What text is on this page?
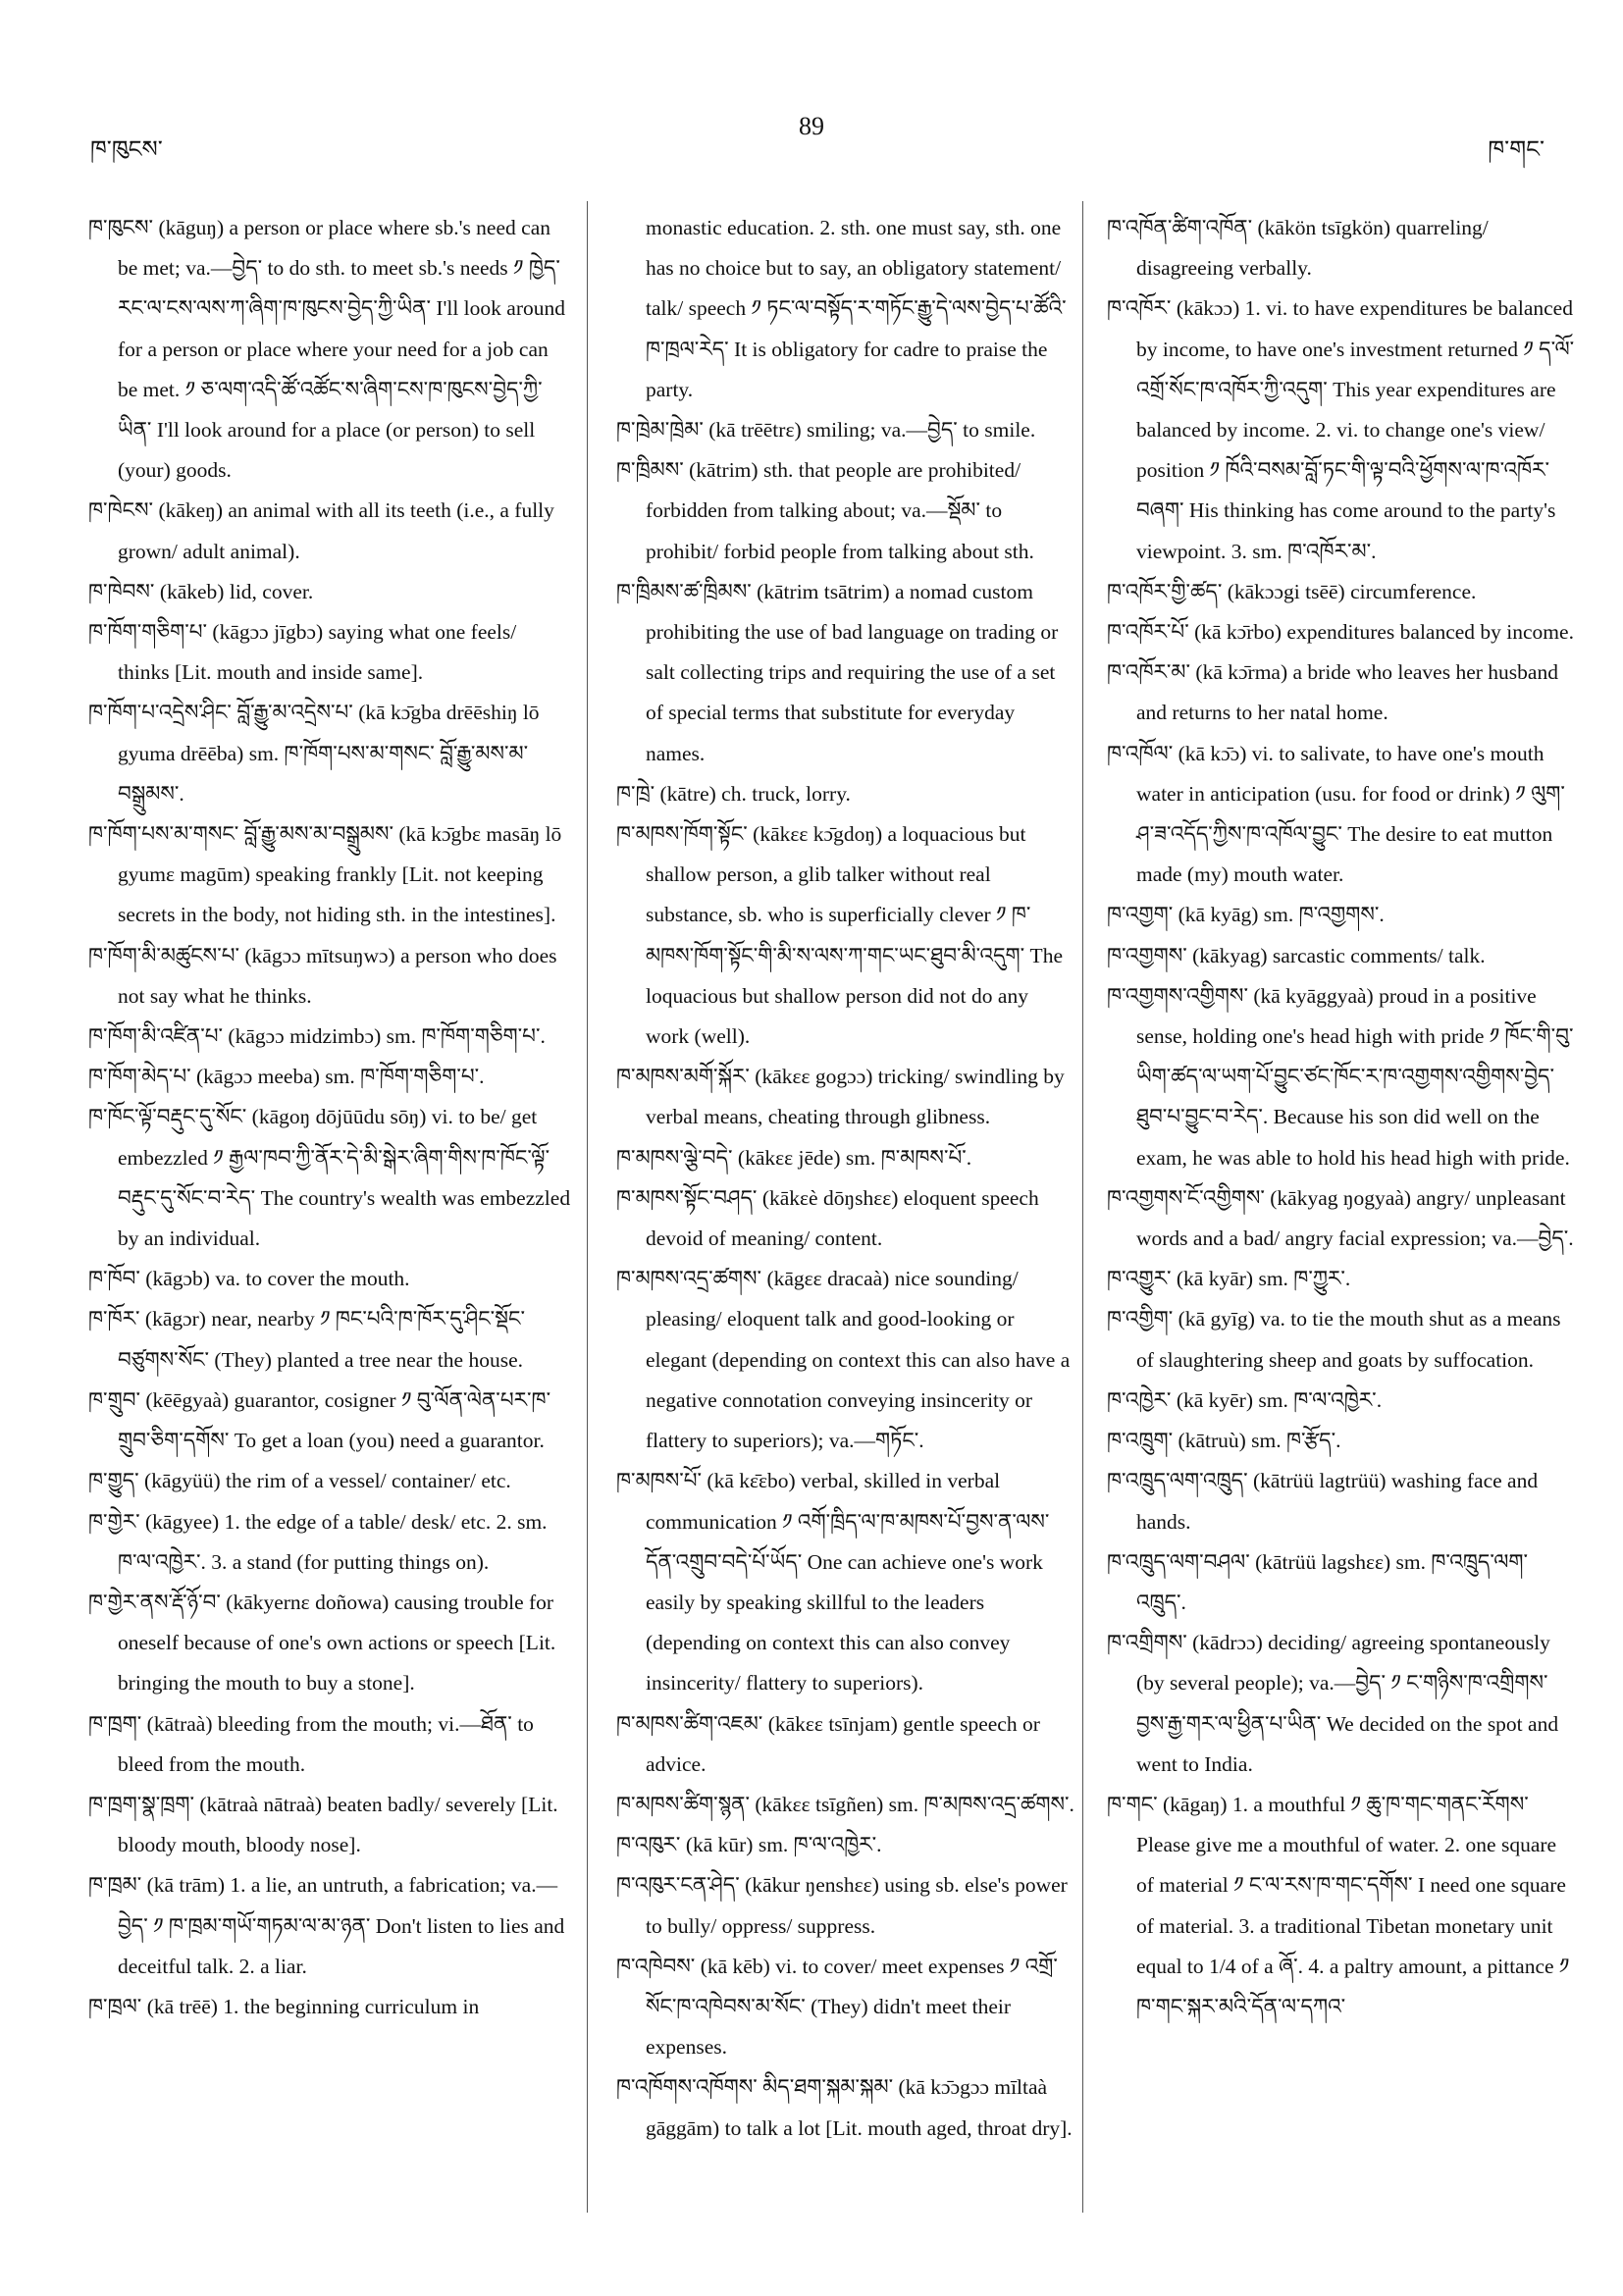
ཁ་ཁུངས་
89
ཁ་གང་

ཁ་ཁུངས་ (kāguŋ) a person or place where sb.'s need can be met; va.—བྱེད་ to do sth. to meet sb.'s needs ༡ ཁྱེད་རང་ལ་ངས་ལས་ཀ་ཞིག་ཁ་ཁུངས་བྱེད་ཀྱི་ཡིན་ I'll look around for a person or place where your need for a job can be met. ༡ ཅ་ལག་འདི་ཚོ་འཚོང་ས་ཞིག་ངས་ཁ་ཁུངས་བྱེད་ཀྱི་ཡིན་ I'll look around for a place (or person) to sell (your) goods.

ཁ་ཁེངས་ (kākeŋ) an animal with all its teeth (i.e., a fully grown/ adult animal).

ཁ་ཁེབས་ (kākeb) lid, cover.

ཁ་ཁོག་གཅིག་པ་ (kāgɔɔ jīgbɔ) saying what one feels/ thinks [Lit. mouth and inside same].

ཁ་ཁོག་པ་འདྲེས་ཤིང་ བློ་རྒྱུ་མ་འདྲེས་པ་ (kā kɔ̄gba drēēshiŋ lō gyuma drēēba) sm. ཁ་ཁོག་པས་མ་གསང་ བློ་རྒྱུ་མས་མ་བསྒྲུམས་.

ཁ་ཁོག་པས་མ་གསང་ བློ་རྒྱུ་མས་མ་བསྒྲུམས་ (kā kɔ̄gbɛ masāŋ lō gyumɛ magūm) speaking frankly [Lit. not keeping secrets in the body, not hiding sth. in the intestines].

ཁ་ཁོག་མི་མཚུངས་པ་ (kāgɔɔ mītsuŋwɔ) a person who does not say what he thinks.

ཁ་ཁོག་མི་འཛིན་པ་ (kāgɔɔ midzimbɔ) sm. ཁ་ཁོག་གཅིག་པ་.

ཁ་ཁོག་མེད་པ་ (kāgɔɔ meeba) sm. ཁ་ཁོག་གཅིག་པ་.

ཁ་ཁོང་ལྟོ་བརྡུང་དུ་སོང་ (kāgoŋ dōjūūdu sōŋ) vi. to be/ get embezzled ༡ རྒྱལ་ཁབ་ཀྱི་ནོར་དེ་མི་སྒེར་ཞིག་གིས་ཁ་ཁོང་ལྟོ་བརྡུང་དུ་སོང་བ་རེད་ The country's wealth was embezzled by an individual.

ཁ་ཁོབ་ (kāgɔb) va. to cover the mouth.

ཁ་ཁོར་ (kāgɔr) near, nearby ༡ ཁང་པའི་ཁ་ཁོར་དུ་ཤིང་སྡོང་བཙུགས་སོང་ (They) planted a tree near the house.

ཁ་གྲུབ་ (kēēgyaà) guarantor, cosigner ༡ བུ་ལོན་ལེན་པར་ཁ་གྲུབ་ཅིག་དགོས་ To get a loan (you) need a guarantor.

ཁ་གྱུད་ (kāgyüü) the rim of a vessel/ container/ etc.

ཁ་གྱེར་ (kāgyee) 1. the edge of a table/ desk/ etc. 2. sm. ཁ་ལ་འཁྱེར་. 3. a stand (for putting things on).

ཁ་གྱེར་ནས་རྡོ་ཉོ་བ་ (kākyernɛ doñowa) causing trouble for oneself because of one's own actions or speech [Lit. bringing the mouth to buy a stone].

ཁ་ཁྲག་ (kātraà) bleeding from the mouth; vi.—ཐོན་ to bleed from the mouth.

ཁ་ཁྲག་སྣ་ཁྲག་ (kātraà nātraà) beaten badly/ severely [Lit. bloody mouth, bloody nose].

ཁ་ཁྲམ་ (kā trām) 1. a lie, an untruth, a fabrication; va.—བྱེད་ ༡ ཁ་ཁྲམ་གཡོ་གཏམ་ལ་མ་ཉན་ Don't listen to lies and deceitful talk. 2. a liar.

ཁ་ཁྲལ་ (kā trēē) 1. the beginning curriculum in

monastic education. 2. sth. one must say, sth. one has no choice but to say, an obligatory statement/ talk/ speech ༡ ཏང་ལ་བསྟོད་ར་གཏོང་རྒྱུ་དེ་ལས་བྱེད་པ་ཚོའི་ཁ་ཁྲལ་རེད་ It is obligatory for cadre to praise the party.

ཁ་ཁྲེམ་ཁྲེམ་ (kā trēētrɛ) smiling; va.—བྱེད་ to smile.

ཁ་ཁྲིམས་ (kātrim) sth. that people are prohibited/ forbidden from talking about; va.—སྡོམ་ to prohibit/ forbid people from talking about sth.

ཁ་ཁྲིམས་ཚ་ཁྲིམས་ (kātrim tsātrim) a nomad custom prohibiting the use of bad language on trading or salt collecting trips and requiring the use of a set of special terms that substitute for everyday names.

ཁ་ཁྲེ་ (kātre) ch. truck, lorry.

ཁ་མཁས་ཁོག་སྟོང་ (kākɛɛ kɔ̄gdoŋ) a loquacious but shallow person, a glib talker without real substance, sb. who is superficially clever ༡ ཁ་མཁས་ཁོག་སྟོང་གི་མི་ས་ལས་ཀ་གང་ཡང་ཐུབ་མི་འདུག་ The loquacious but shallow person did not do any work (well).

ཁ་མཁས་མགོ་སྐོར་ (kākɛɛ gogɔɔ) tricking/ swindling by verbal means, cheating through glibness.

ཁ་མཁས་ལྕེ་བདེ་ (kākɛɛ jēde) sm. ཁ་མཁས་པོ་.

ཁ་མཁས་སྟོང་བཤད་ (kākɛè dōŋshɛɛ) eloquent speech devoid of meaning/ content.

ཁ་མཁས་འདྲ་ཚགས་ (kāgɛɛ dracaà) nice sounding/ pleasing/ eloquent talk and good-looking or elegant (depending on context this can also have a negative connotation conveying insincerity or flattery to superiors); va.—གཏོང་.

ཁ་མཁས་པོ་ (kā kɛ̄ɛbo) verbal, skilled in verbal communication ༡ འགོ་ཁྲིད་ལ་ཁ་མཁས་པོ་བྱས་ན་ལས་དོན་འགྲུབ་བདེ་པོ་ཡོད་ One can achieve one's work easily by speaking skillful to the leaders (depending on context this can also convey insincerity/ flattery to superiors).

ཁ་མཁས་ཚིག་འཇམ་ (kākɛɛ tsīnjam) gentle speech or advice.

ཁ་མཁས་ཚིག་སྙན་ (kākɛɛ tsīgñen) sm. ཁ་མཁས་འདྲ་ཚགས་.

ཁ་འཁུར་ (kā kūr) sm. ཁ་ལ་འཁྱེར་.

ཁ་འཁུར་ངན་ཤེད་ (kākur ŋenshɛɛ) using sb. else's power to bully/ oppress/ suppress.

ཁ་འཁེབས་ (kā kēb) vi. to cover/ meet expenses ༡ འགྲོ་སོང་ཁ་འཁེབས་མ་སོང་ (They) didn't meet their expenses.

ཁ་འཁོགས་འཁོགས་ མིད་ཐག་སྐམ་སྐམ་ (kā kɔ̄ɔgɔɔ mīltaà gāggām) to talk a lot [Lit. mouth aged, throat dry].

ཁ་འཁོན་ཚིག་འཁོན་ (kākön tsīgkön) quarreling/ disagreeing verbally.

ཁ་འཁོར་ (kākɔɔ) 1. vi. to have expenditures be balanced by income, to have one's investment returned ༡ ད་ལོ་འགྲོ་སོང་ཁ་འཁོར་ཀྱི་འདུག་ This year expenditures are balanced by income. 2. vi. to change one's view/ position ༡ ཁོའི་བསམ་བློ་ཏང་གི་ལྟ་བའི་ཕྱོགས་ལ་ཁ་འཁོར་བཞག་ His thinking has come around to the party's viewpoint. 3. sm. ཁ་འཁོར་མ་.

ཁ་འཁོར་གྱི་ཚད་ (kākɔɔgi tsēē) circumference.

ཁ་འཁོར་པོ་ (kā kɔ̄rbo) expenditures balanced by income.

ཁ་འཁོར་མ་ (kā kɔ̄rma) a bride who leaves her husband and returns to her natal home.

ཁ་འཁོལ་ (kā kɔ̄ɔ) vi. to salivate, to have one's mouth water in anticipation (usu. for food or drink) ༡ ལུག་ཤ་ཟ་འདོད་ཀྱིས་ཁ་འཁོལ་བྱུང་ The desire to eat mutton made (my) mouth water.

ཁ་འགྱག་ (kā kyāg) sm. ཁ་འགྱགས་.

ཁ་འགྱགས་ (kākyag) sarcastic comments/ talk.

ཁ་འགྱགས་འགྱིགས་ (kā kyāggyaà) proud in a positive sense, holding one's head high with pride ༡ ཁོང་གི་བུ་ཡིག་ཚད་ལ་ཡག་པོ་བྱུང་ཙང་ཁོང་ར་ཁ་འགྱགས་འགྱིགས་བྱེད་ཐུབ་པ་བྱུང་བ་རེད་. Because his son did well on the exam, he was able to hold his head high with pride.

ཁ་འགྱགས་ངོ་འགྱིགས་ (kākyag ŋogyaà) angry/ unpleasant words and a bad/ angry facial expression; va.—བྱེད་.

ཁ་འགྱུར་ (kā kyār) sm. ཁ་ཀྱུར་.

ཁ་འགྱིག་ (kā gyīg) va. to tie the mouth shut as a means of slaughtering sheep and goats by suffocation.

ཁ་འཁྱེར་ (kā kyēr) sm. ཁ་ལ་འཁྱེར་.

ཁ་འཁྲུག་ (kātruù) sm. ཁ་རྩོད་.

ཁ་འཁྲུད་ལག་འཁྲུད་ (kātrüü lagtrüü) washing face and hands.

ཁ་འཁྲུད་ལག་བཤལ་ (kātrüü lagshɛɛ) sm. ཁ་འཁྲུད་ལག་འཁྲུད་.

ཁ་འགྲིགས་ (kādrɔɔ) deciding/ agreeing spontaneously (by several people); va.—བྱེད་ ༡ ང་གཉིས་ཁ་འགྲིགས་བྱས་རྒྱ་གར་ལ་ཕྱིན་པ་ཡིན་ We decided on the spot and went to India.

ཁ་གང་ (kāgaŋ) 1. a mouthful ༡ ཆུ་ཁ་གང་གནང་རོགས་ Please give me a mouthful of water. 2. one square of material ༡ ང་ལ་རས་ཁ་གང་དགོས་ I need one square of material. 3. a traditional Tibetan monetary unit equal to 1/4 of a ཞོ་. 4. a paltry amount, a pittance ༡ ཁ་གང་སྐར་མའི་དོན་ལ་དཀའ་
